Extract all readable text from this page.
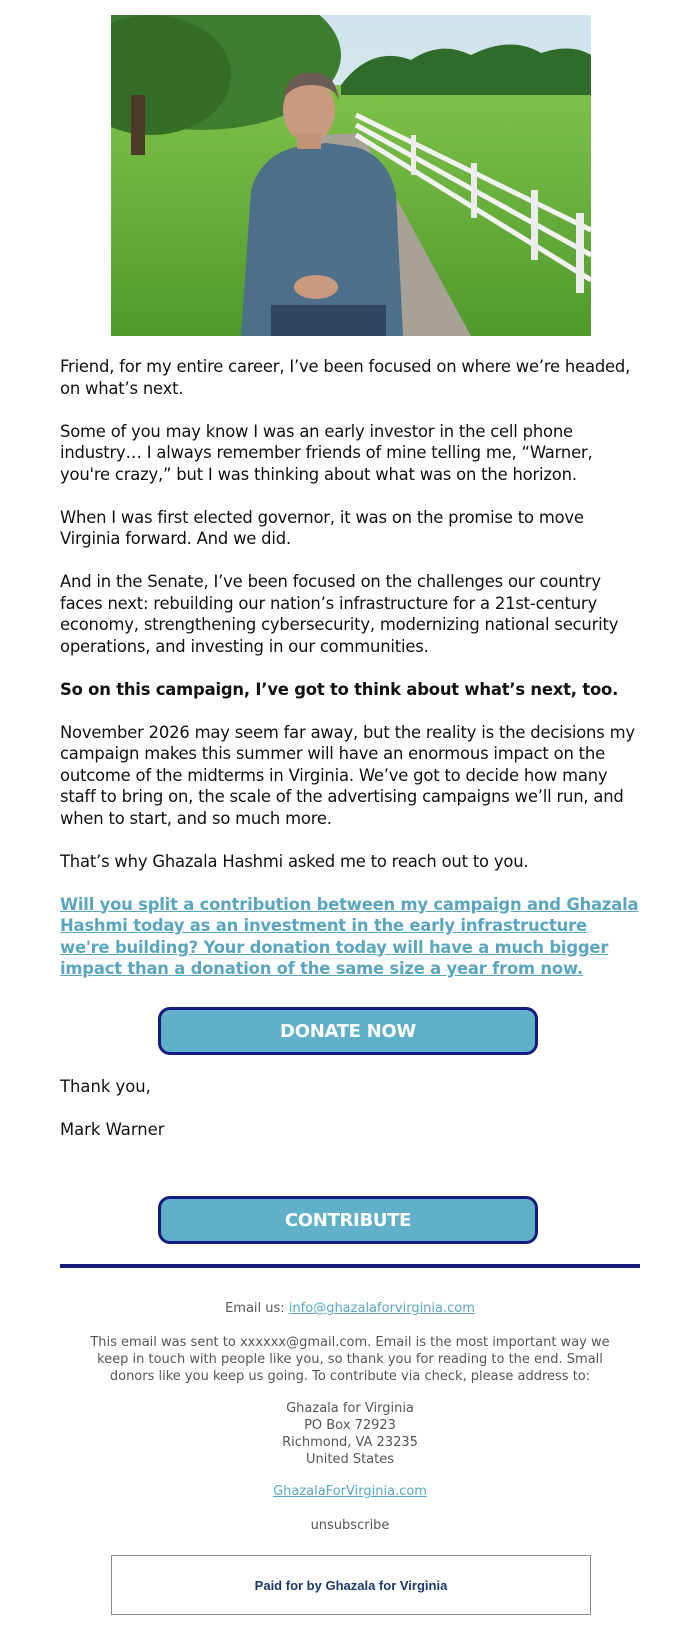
Friend, for my entire career, I’ve been focused on where we’re headed, on what’s next.

Some of you may know I was an early investor in the cell phone industry… I always remember friends of mine telling me, “Warner, you're crazy,” but I was thinking about what was on the horizon.

When I was first elected governor, it was on the promise to move Virginia forward. And we did.

And in the Senate, I’ve been focused on the challenges our country faces next: rebuilding our nation’s infrastructure for a 21st-century economy, strengthening cybersecurity, modernizing national security operations, and investing in our communities.

So on this campaign, I’ve got to think about what’s next, too.

November 2026 may seem far away, but the reality is the decisions my campaign makes this summer will have an enormous impact on the outcome of the midterms in Virginia. We’ve got to decide how many staff to bring on, the scale of the advertising campaigns we’ll run, and when to start, and so much more.

That’s why Ghazala Hashmi asked me to reach out to you.

Will you split a contribution between my campaign and Ghazala Hashmi today as an investment in the early infrastructure we're building? Your donation today will have a much bigger impact than a donation of the same size a year from now.
DONATE NOW
Thank you,
Mark Warner
CONTRIBUTE
Email us: info@ghazalaforvirginia.com
This email was sent to xxxxxx@gmail.com. Email is the most important way we keep in touch with people like you, so thank you for reading to the end. Small donors like you keep us going. To contribute via check, please address to:
Ghazala for Virginia
PO Box 72923
Richmond, VA 23235
United States
GhazalaForVirginia.com
unsubscribe
Paid for by Ghazala for Virginia
